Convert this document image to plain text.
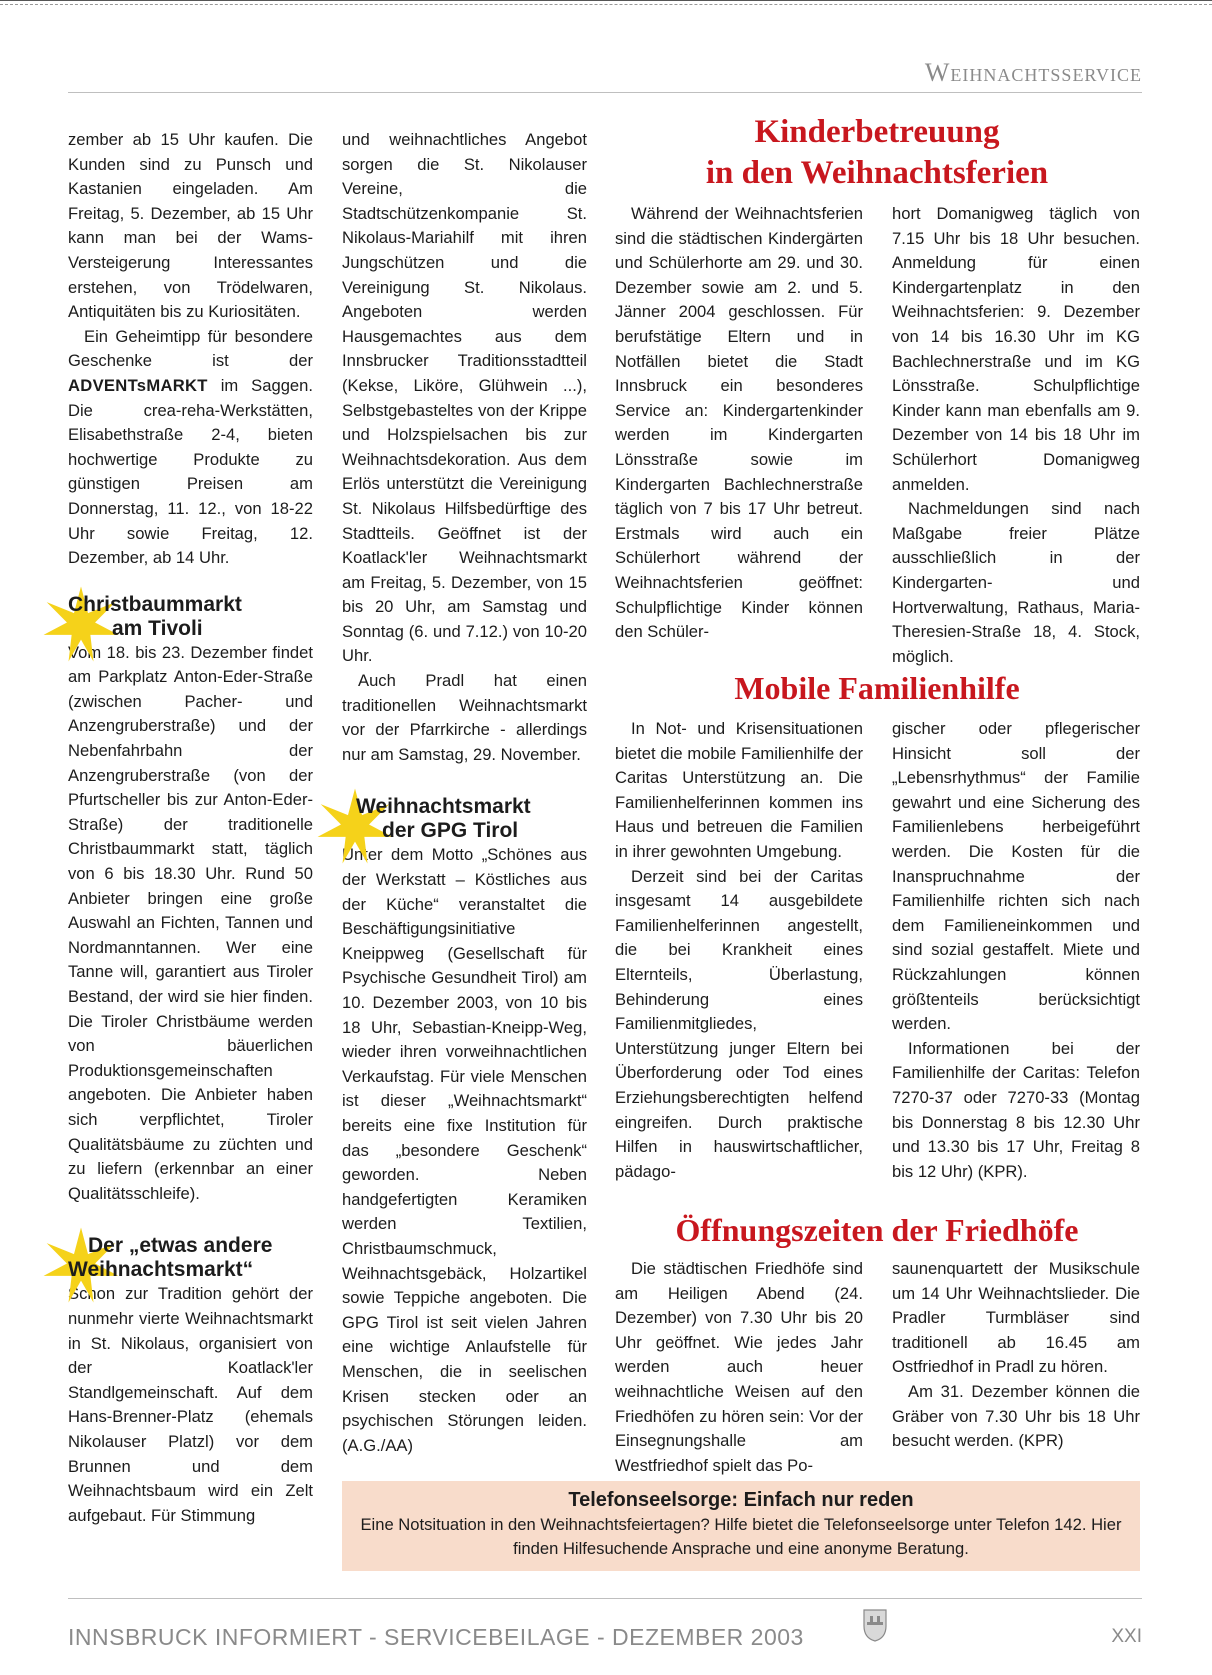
Weihnachtsservice

zember ab 15 Uhr kaufen. Die Kunden sind zu Punsch und Kastanien eingeladen. Am Freitag, 5. Dezember, ab 15 Uhr kann man bei der Wams-Versteigerung Interessantes erstehen, von Trödelwaren, Antiquitäten bis zu Kuriositäten.

Ein Geheimtipp für besondere Geschenke ist der ADVENTsMARKT im Saggen. Die crea-reha-Werkstätten, Elisabethstraße 2-4, bieten hochwertige Produkte zu günstigen Preisen am Donnerstag, 11. 12., von 18-22 Uhr sowie Freitag, 12. Dezember, ab 14 Uhr.

Christbaummarkt
am Tivoli

Vom 18. bis 23. Dezember findet am Parkplatz Anton-Eder-Straße (zwischen Pacher- und Anzengruberstraße) und der Nebenfahrbahn der Anzengruberstraße (von der Pfurtscheller bis zur Anton-Eder-Straße) der traditionelle Christbaummarkt statt, täglich von 6 bis 18.30 Uhr. Rund 50 Anbieter bringen eine große Auswahl an Fichten, Tannen und Nordmanntannen. Wer eine Tanne will, garantiert aus Tiroler Bestand, der wird sie hier finden. Die Tiroler Christbäume werden von bäuerlichen Produktionsgemeinschaften angeboten. Die Anbieter haben sich verpflichtet, Tiroler Qualitätsbäume zu züchten und zu liefern (erkennbar an einer Qualitätsschleife).

Der „etwas andere
Weihnachtsmarkt“

Schon zur Tradition gehört der nunmehr vierte Weihnachtsmarkt in St. Nikolaus, organisiert von der Koatlack'ler Standlgemeinschaft. Auf dem Hans-Brenner-Platz (ehemals Nikolauser Platzl) vor dem Brunnen und dem Weihnachtsbaum wird ein Zelt aufgebaut. Für Stimmung

und weihnachtliches Angebot sorgen die St. Nikolauser Vereine, die Stadtschützenkompanie St. Nikolaus-Mariahilf mit ihren Jungschützen und die Vereinigung St. Nikolaus. Angeboten werden Hausgemachtes aus dem Innsbrucker Traditionsstadtteil (Kekse, Liköre, Glühwein ...), Selbstgebasteltes von der Krippe und Holzspielsachen bis zur Weihnachtsdekoration. Aus dem Erlös unterstützt die Vereinigung St. Nikolaus Hilfsbedürftige des Stadtteils. Geöffnet ist der Koatlack'ler Weihnachtsmarkt am Freitag, 5. Dezember, von 15 bis 20 Uhr, am Samstag und Sonntag (6. und 7.12.) von 10-20 Uhr.

Auch Pradl hat einen traditionellen Weihnachtsmarkt vor der Pfarrkirche - allerdings nur am Samstag, 29. November.

Weihnachtsmarkt
der GPG Tirol

Unter dem Motto „Schönes aus der Werkstatt – Köstliches aus der Küche“ veranstaltet die Beschäftigungsinitiative Kneippweg (Gesellschaft für Psychische Gesundheit Tirol) am 10. Dezember 2003, von 10 bis 18 Uhr, Sebastian-Kneipp-Weg, wieder ihren vorweihnachtlichen Verkaufstag. Für viele Menschen ist dieser „Weihnachtsmarkt“ bereits eine fixe Institution für das „besondere Geschenk“ geworden. Neben handgefertigten Keramiken werden Textilien, Christbaumschmuck, Weihnachtsgebäck, Holzartikel sowie Teppiche angeboten. Die GPG Tirol ist seit vielen Jahren eine wichtige Anlaufstelle für Menschen, die in seelischen Krisen stecken oder an psychischen Störungen leiden. (A.G./AA)

Kinderbetreuung
in den Weihnachtsferien

Während der Weihnachtsferien sind die städtischen Kindergärten und Schülerhorte am 29. und 30. Dezember sowie am 2. und 5. Jänner 2004 geschlossen. Für berufstätige Eltern und in Notfällen bietet die Stadt Innsbruck ein besonderes Service an: Kindergartenkinder werden im Kindergarten Lönsstraße sowie im Kindergarten Bachlechnerstraße täglich von 7 bis 17 Uhr betreut. Erstmals wird auch ein Schülerhort während der Weihnachtsferien geöffnet: Schulpflichtige Kinder können den Schüler-

hort Domanigweg täglich von 7.15 Uhr bis 18 Uhr besuchen. Anmeldung für einen Kindergartenplatz in den Weihnachtsferien: 9. Dezember von 14 bis 16.30 Uhr im KG Bachlechnerstraße und im KG Lönsstraße. Schulpflichtige Kinder kann man ebenfalls am 9. Dezember von 14 bis 18 Uhr im Schülerhort Domanigweg anmelden.

Nachmeldungen sind nach Maßgabe freier Plätze ausschließlich in der Kindergarten- und Hortverwaltung, Rathaus, Maria-Theresien-Straße 18, 4. Stock, möglich.

Mobile Familienhilfe

In Not- und Krisensituationen bietet die mobile Familienhilfe der Caritas Unterstützung an. Die Familienhelferinnen kommen ins Haus und betreuen die Familien in ihrer gewohnten Umgebung.

Derzeit sind bei der Caritas insgesamt 14 ausgebildete Familienhelferinnen angestellt, die bei Krankheit eines Elternteils, Überlastung, Behinderung eines Familienmitgliedes, Unterstützung junger Eltern bei Überforderung oder Tod eines Erziehungsberechtigten helfend eingreifen. Durch praktische Hilfen in hauswirtschaftlicher, pädago-

gischer oder pflegerischer Hinsicht soll der „Lebensrhythmus“ der Familie gewahrt und eine Sicherung des Familienlebens herbeigeführt werden. Die Kosten für die Inanspruchnahme der Familienhilfe richten sich nach dem Familieneinkommen und sind sozial gestaffelt. Miete und Rückzahlungen können größtenteils berücksichtigt werden.

Informationen bei der Familienhilfe der Caritas: Telefon 7270-37 oder 7270-33 (Montag bis Donnerstag 8 bis 12.30 Uhr und 13.30 bis 17 Uhr, Freitag 8 bis 12 Uhr) (KPR).

Öffnungszeiten der Friedhöfe

Die städtischen Friedhöfe sind am Heiligen Abend (24. Dezember) von 7.30 Uhr bis 20 Uhr geöffnet. Wie jedes Jahr werden auch heuer weihnachtliche Weisen auf den Friedhöfen zu hören sein: Vor der Einsegnungshalle am Westfriedhof spielt das Po-

saunenquartett der Musikschule um 14 Uhr Weihnachtslieder. Die Pradler Turmbläser sind traditionell ab 16.45 am Ostfriedhof in Pradl zu hören.

Am 31. Dezember können die Gräber von 7.30 Uhr bis 18 Uhr besucht werden. (KPR)

Telefonseelsorge: Einfach nur reden
Eine Notsituation in den Weihnachtsfeiertagen? Hilfe bietet die Telefonseelsorge unter Telefon 142. Hier finden Hilfesuchende Ansprache und eine anonyme Beratung.
INNSBRUCK INFORMIERT - SERVICEBEILAGE - DEZEMBER 2003	XXI
